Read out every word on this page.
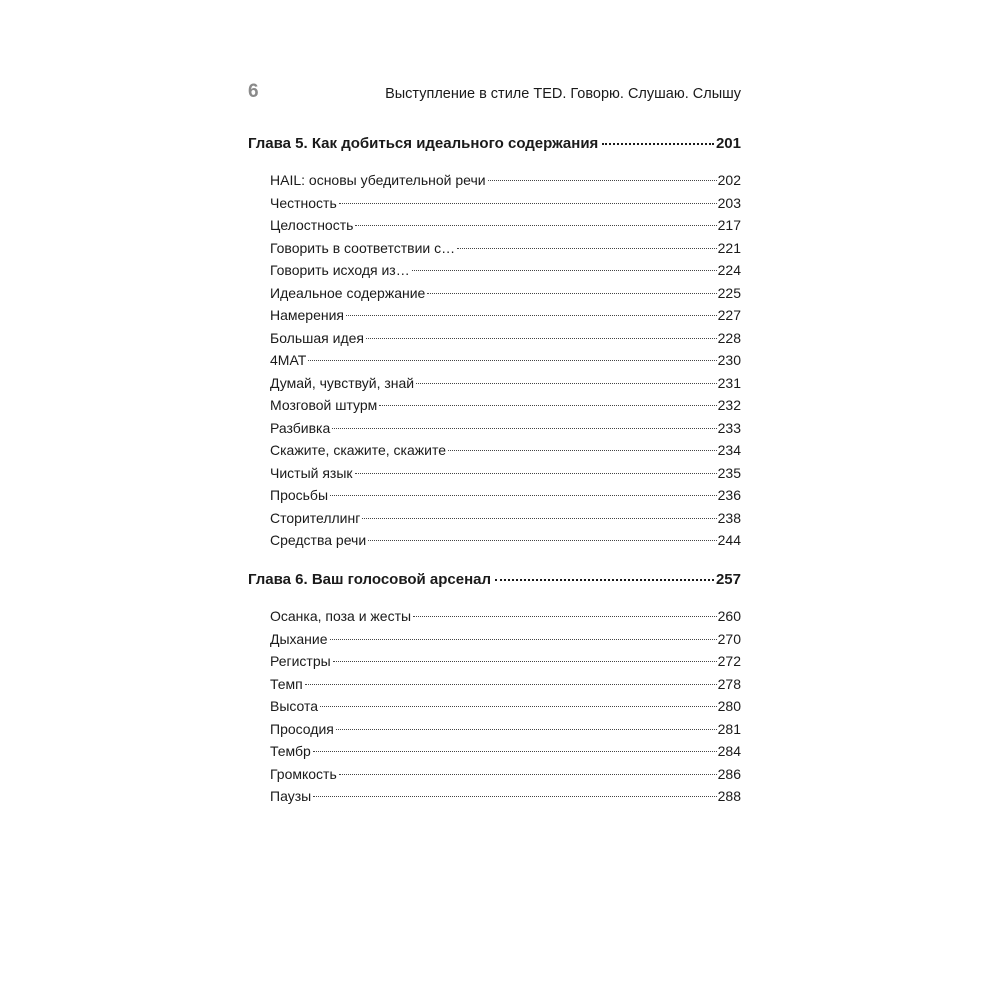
6	Выступление в стиле TED. Говорю. Слушаю. Слышу
Глава 5. Как добиться идеального содержания	201
HAIL: основы убедительной речи	202
Честность	203
Целостность	217
Говорить в соответствии с…	221
Говорить исходя из…	224
Идеальное содержание	225
Намерения	227
Большая идея	228
4MAT	230
Думай, чувствуй, знай	231
Мозговой штурм	232
Разбивка	233
Скажите, скажите, скажите	234
Чистый язык	235
Просьбы	236
Сторителлинг	238
Средства речи	244
Глава 6. Ваш голосовой арсенал	257
Осанка, поза и жесты	260
Дыхание	270
Регистры	272
Темп	278
Высота	280
Просодия	281
Тембр	284
Громкость	286
Паузы	288
